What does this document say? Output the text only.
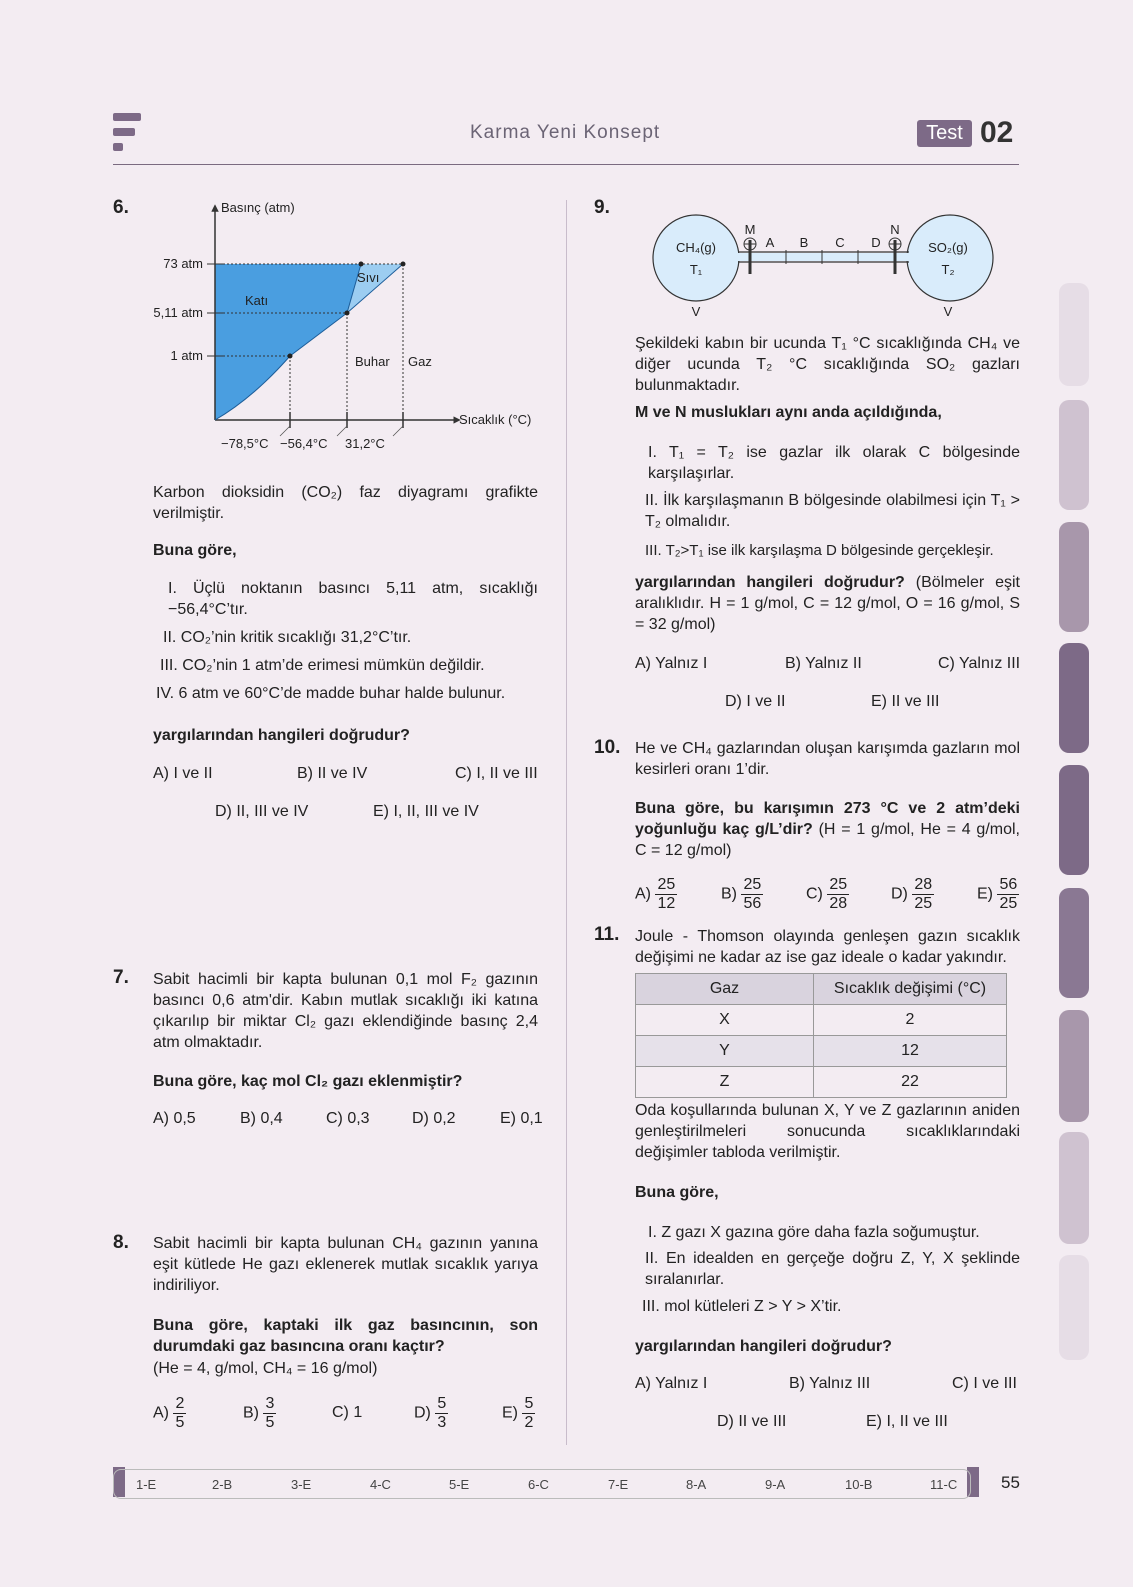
Karma Yeni Konsept	Test 02
6.	Basınç (atm)
Sıcaklık (°C)
73 atm
5,11 atm
1 atm
−78,5°C −56,4°C 31,2°C
Katı
Sıvı
Buhar Gaz
Karbon dioksidin (CO₂) faz diyagramı grafikte verilmiştir.
Buna göre,
I. Üçlü noktanın basıncı 5,11 atm, sıcaklığı −56,4°C’tır.
II. CO₂’nin kritik sıcaklığı 31,2°C’tır.
III. CO₂’nin 1 atm’de erimesi mümkün değildir.
IV. 6 atm ve 60°C’de madde buhar halde bulunur.
yargılarından hangileri doğrudur?
A) I ve II	B) II ve IV	C) I, II ve III
D) II, III ve IV	E) I, II, III ve IV
7. Sabit hacimli bir kapta bulunan 0,1 mol F₂ gazının basıncı 0,6 atm'dir. Kabın mutlak sıcaklığı iki katına çıkarılıp bir miktar Cl₂ gazı eklendiğinde basınç 2,4 atm olmaktadır.
Buna göre, kaç mol Cl₂ gazı eklenmiştir?
A) 0,5	B) 0,4	C) 0,3	D) 0,2	E) 0,1
8. Sabit hacimli bir kapta bulunan CH₄ gazının yanına eşit kütlede He gazı eklenerek mutlak sıcaklık yarıya indiriliyor.
Buna göre, kaptaki ilk gaz basıncının, son durumdaki gaz basıncına oranı kaçtır?
(He = 4, g/mol, CH₄ = 16 g/mol)
$A) \frac{2}{5}$	$B) \frac{3}{5}$	C) 1	$D) \frac{5}{3}$	$E) \frac{5}{2}$
9.
CH₄(g)
T₁
V
SO₂(g)
T₂
V
M	N
A B C D
Şekildeki kabın bir ucunda T₁ °C sıcaklığında CH₄ ve diğer ucunda T₂ °C sıcaklığında SO₂ gazları bulunmaktadır.
M ve N muslukları aynı anda açıldığında,
I. T₁ = T₂ ise gazlar ilk olarak C bölgesinde karşılaşırlar.
II. İlk karşılaşmanın B bölgesinde olabilmesi için T₁ > T₂ olmalıdır.
III. T₂>T₁ ise ilk karşılaşma D bölgesinde gerçekleşir.
yargılarından hangileri doğrudur? (Bölmeler eşit aralıklıdır. H = 1 g/mol, C = 12 g/mol, O = 16 g/mol, S = 32 g/mol)
A) Yalnız I	B) Yalnız II	C) Yalnız III
D) I ve II	E) II ve III
10. He ve CH₄ gazlarından oluşan karışımda gazların mol kesirleri oranı 1’dir.
Buna göre, bu karışımın 273 °C ve 2 atm’deki yoğunluğu kaç g/L’dir? (H = 1 g/mol, He = 4 g/mol, C = 12 g/mol)
$A) \frac{25}{12}$	$B) \frac{25}{56}$	$C) \frac{25}{28}$	$D) \frac{28}{25}$	$E) \frac{56}{25}$
11. Joule - Thomson olayında genleşen gazın sıcaklık değişimi ne kadar az ise gaz ideale o kadar yakındır.
Gaz	Sıcaklık değişimi (°C)
X	2
Y	12
Z	22
Oda koşullarında bulunan X, Y ve Z gazlarının aniden genleştirilmeleri sonucunda sıcaklıklarındaki değişimler tabloda verilmiştir.
Buna göre,
I. Z gazı X gazına göre daha fazla soğumuştur.
II. En idealden en gerçeğe doğru Z, Y, X şeklinde sıralanırlar.
III. mol kütleleri Z > Y > X’tir.
yargılarından hangileri doğrudur?
A) Yalnız I	B) Yalnız III	C) I ve III
D) II ve III	E) I, II ve III
1-E	2-B	3-E	4-C	5-E	6-C	7-E	8-A	9-A	10-B	11-C	55
